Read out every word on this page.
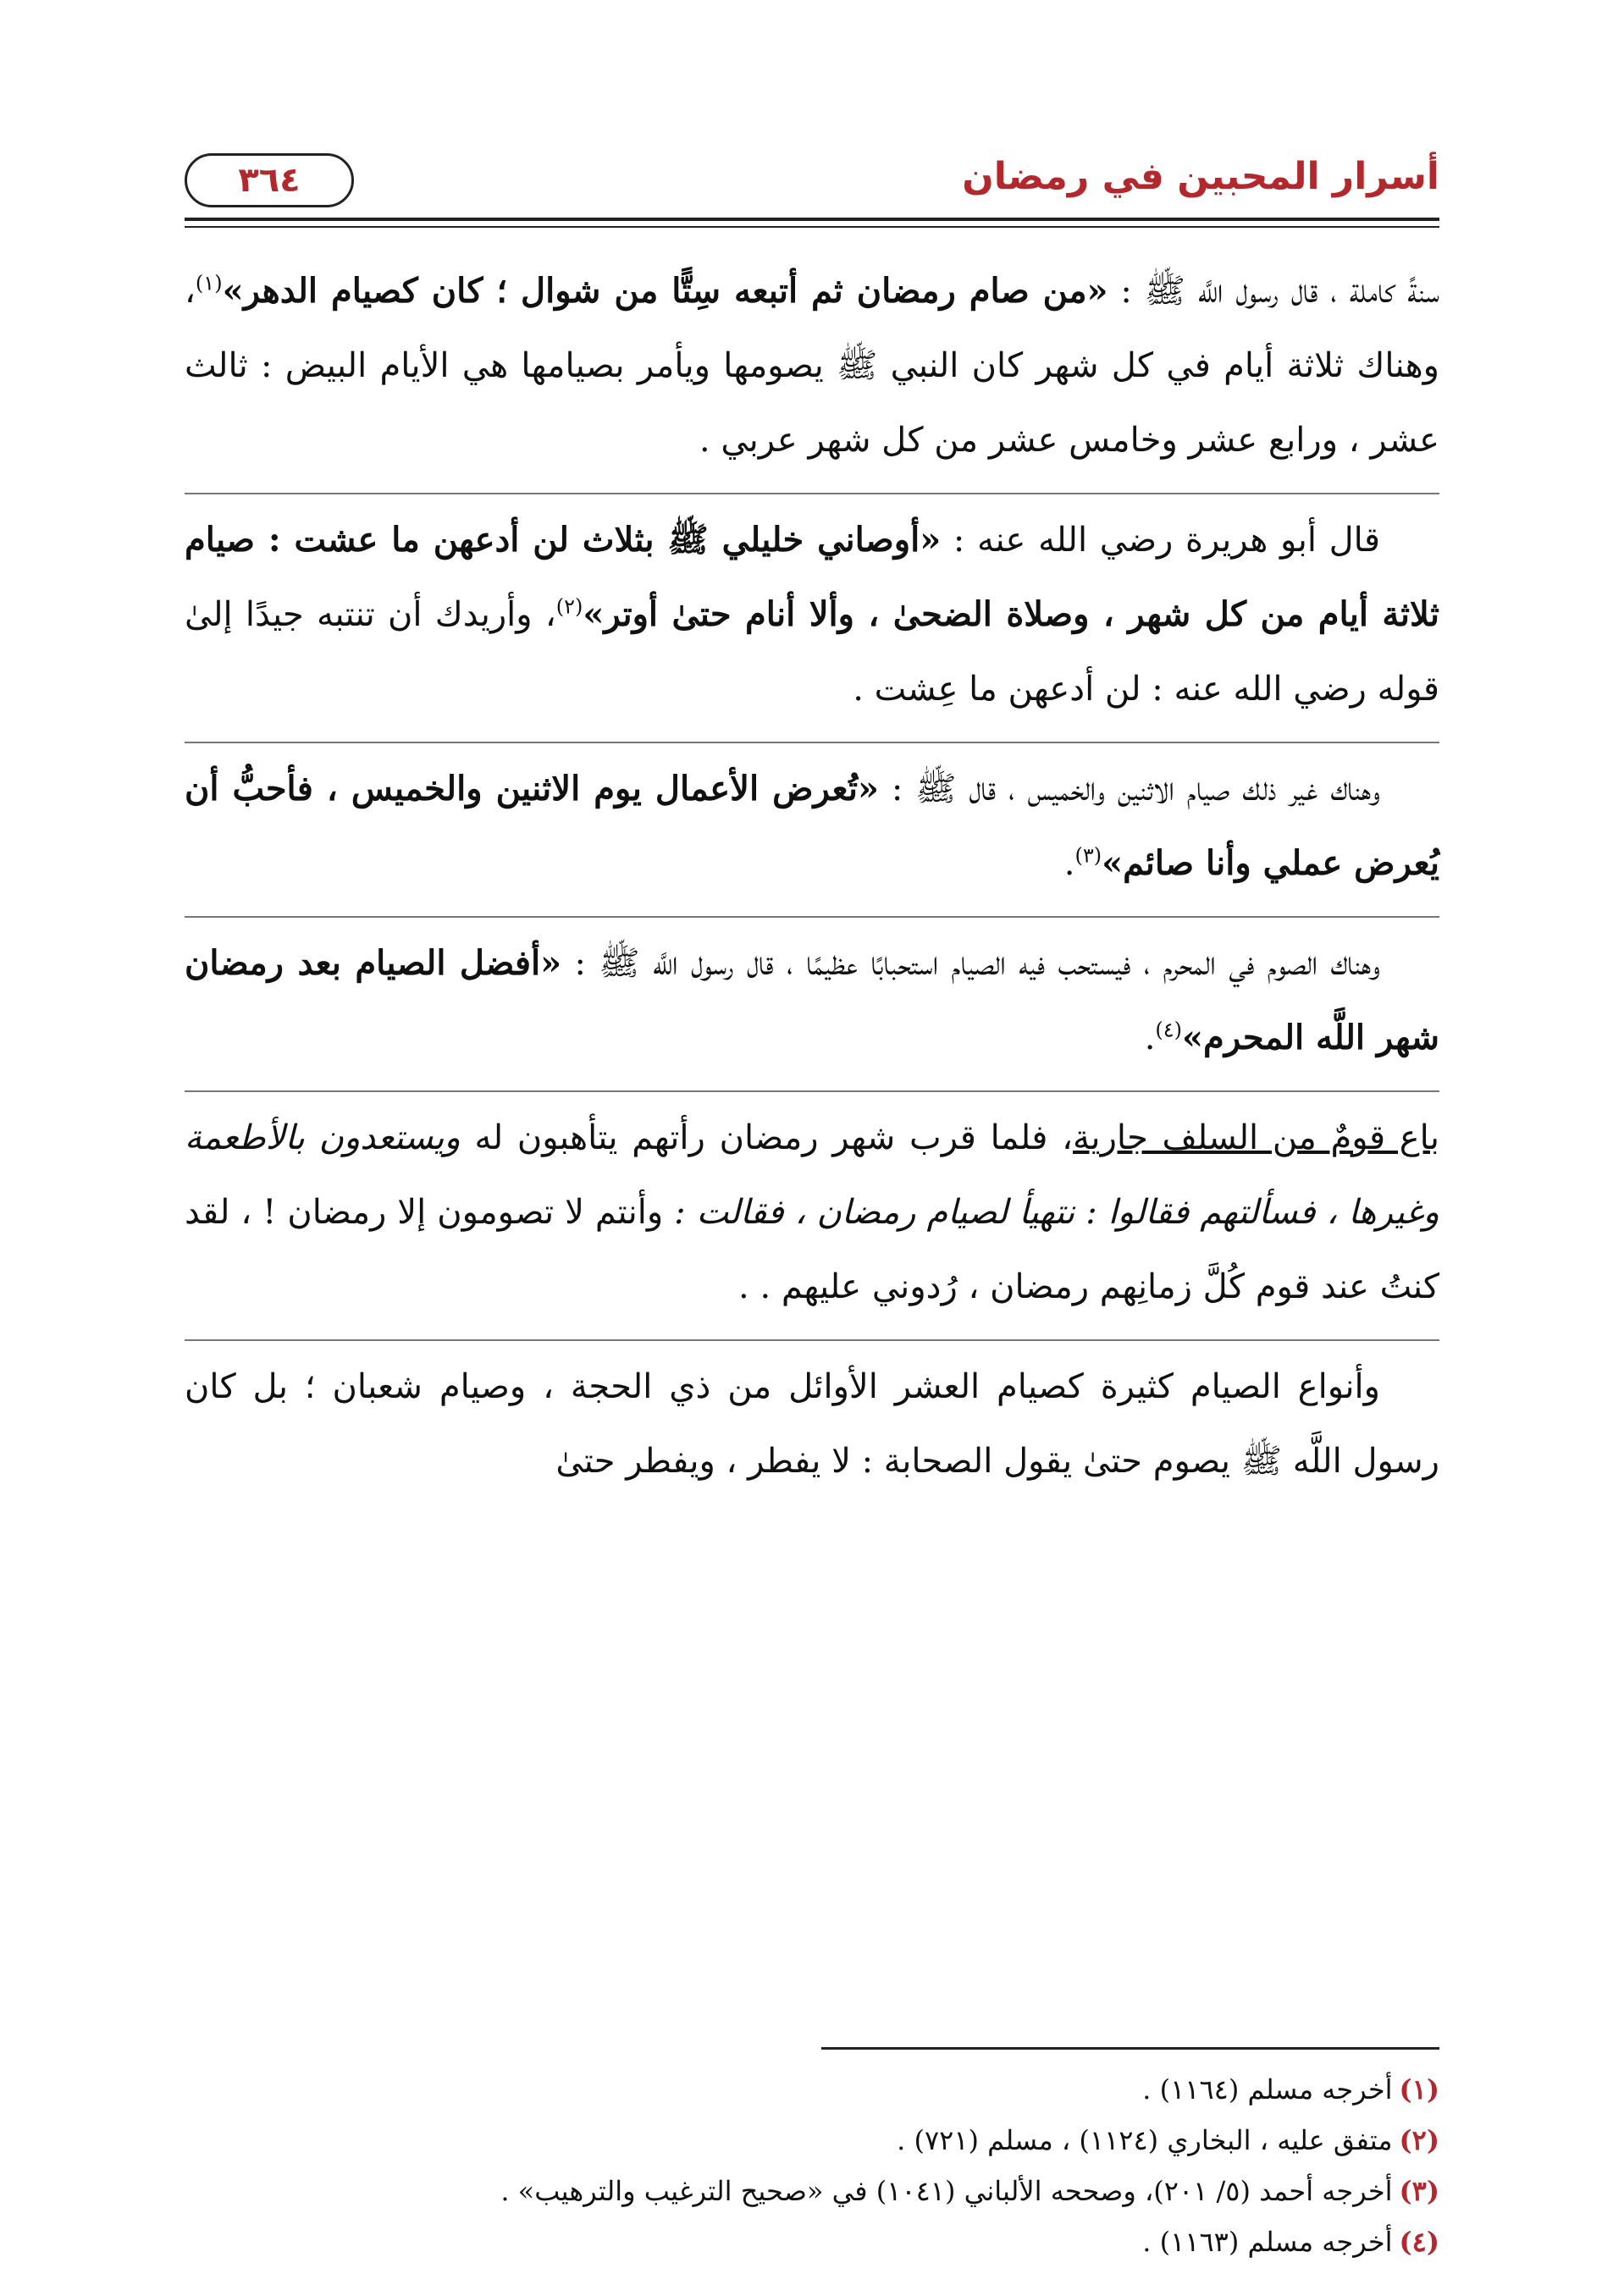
أسرار المحبين في رمضان
٣٦٤

سنةً كاملة ، قال رسول اللَّه ﷺ : «من صام رمضان ثم أتبعه سِتًّا من شوال ؛ كان كصيام الدهر»$^{(١)}$، وهناك ثلاثة أيام في كل شهر كان النبي ﷺ يصومها ويأمر بصيامها هي الأيام البيض : ثالث عشر ، ورابع عشر وخامس عشر من كل شهر عربي .

قال أبو هريرة رضي الله عنه : «أوصاني خليلي ﷺ بثلاث لن أدعهن ما عشت : صيام ثلاثة أيام من كل شهر ، وصلاة الضحىٰ ، وألا أنام حتىٰ أوتر»$^{(٢)}$، وأريدك أن تنتبه جيدًا إلىٰ قوله رضي الله عنه : لن أدعهن ما عِشت .

وهناك غير ذلك صيام الاثنين والخميس ، قال ﷺ : «تُعرض الأعمال يوم الاثنين والخميس ، فأحبُّ أن يُعرض عملي وأنا صائم»$^{(٣)}$.

وهناك الصوم في المحرم ، فيستحب فيه الصيام استحبابًا عظيمًا ، قال رسول اللَّه ﷺ : «أفضل الصيام بعد رمضان شهر اللَّه المحرم»$^{(٤)}$.

باع قومٌ من السلف جارية، فلما قرب شهر رمضان رأتهم يتأهبون له ويستعدون بالأطعمة وغيرها ، فسألتهم فقالوا : نتهيأ لصيام رمضان ، فقالت : وأنتم لا تصومون إلا رمضان ! ، لقد كنتُ عند قوم كُلَّ زمانِهم رمضان ، رُدوني عليهم . .

وأنواع الصيام كثيرة كصيام العشر الأوائل من ذي الحجة ، وصيام شعبان ؛ بل كان رسول اللَّه ﷺ يصوم حتىٰ يقول الصحابة : لا يفطر ، ويفطر حتىٰ

(١)أخرجه مسلم (١١٦٤) .

(٢)متفق عليه ، البخاري (١١٢٤) ، مسلم (٧٢١) .

(٣)أخرجه أحمد (٥/ ٢٠١)، وصححه الألباني (١٠٤١) في «صحيح الترغيب والترهيب» .

(٤)أخرجه مسلم (١١٦٣) .
